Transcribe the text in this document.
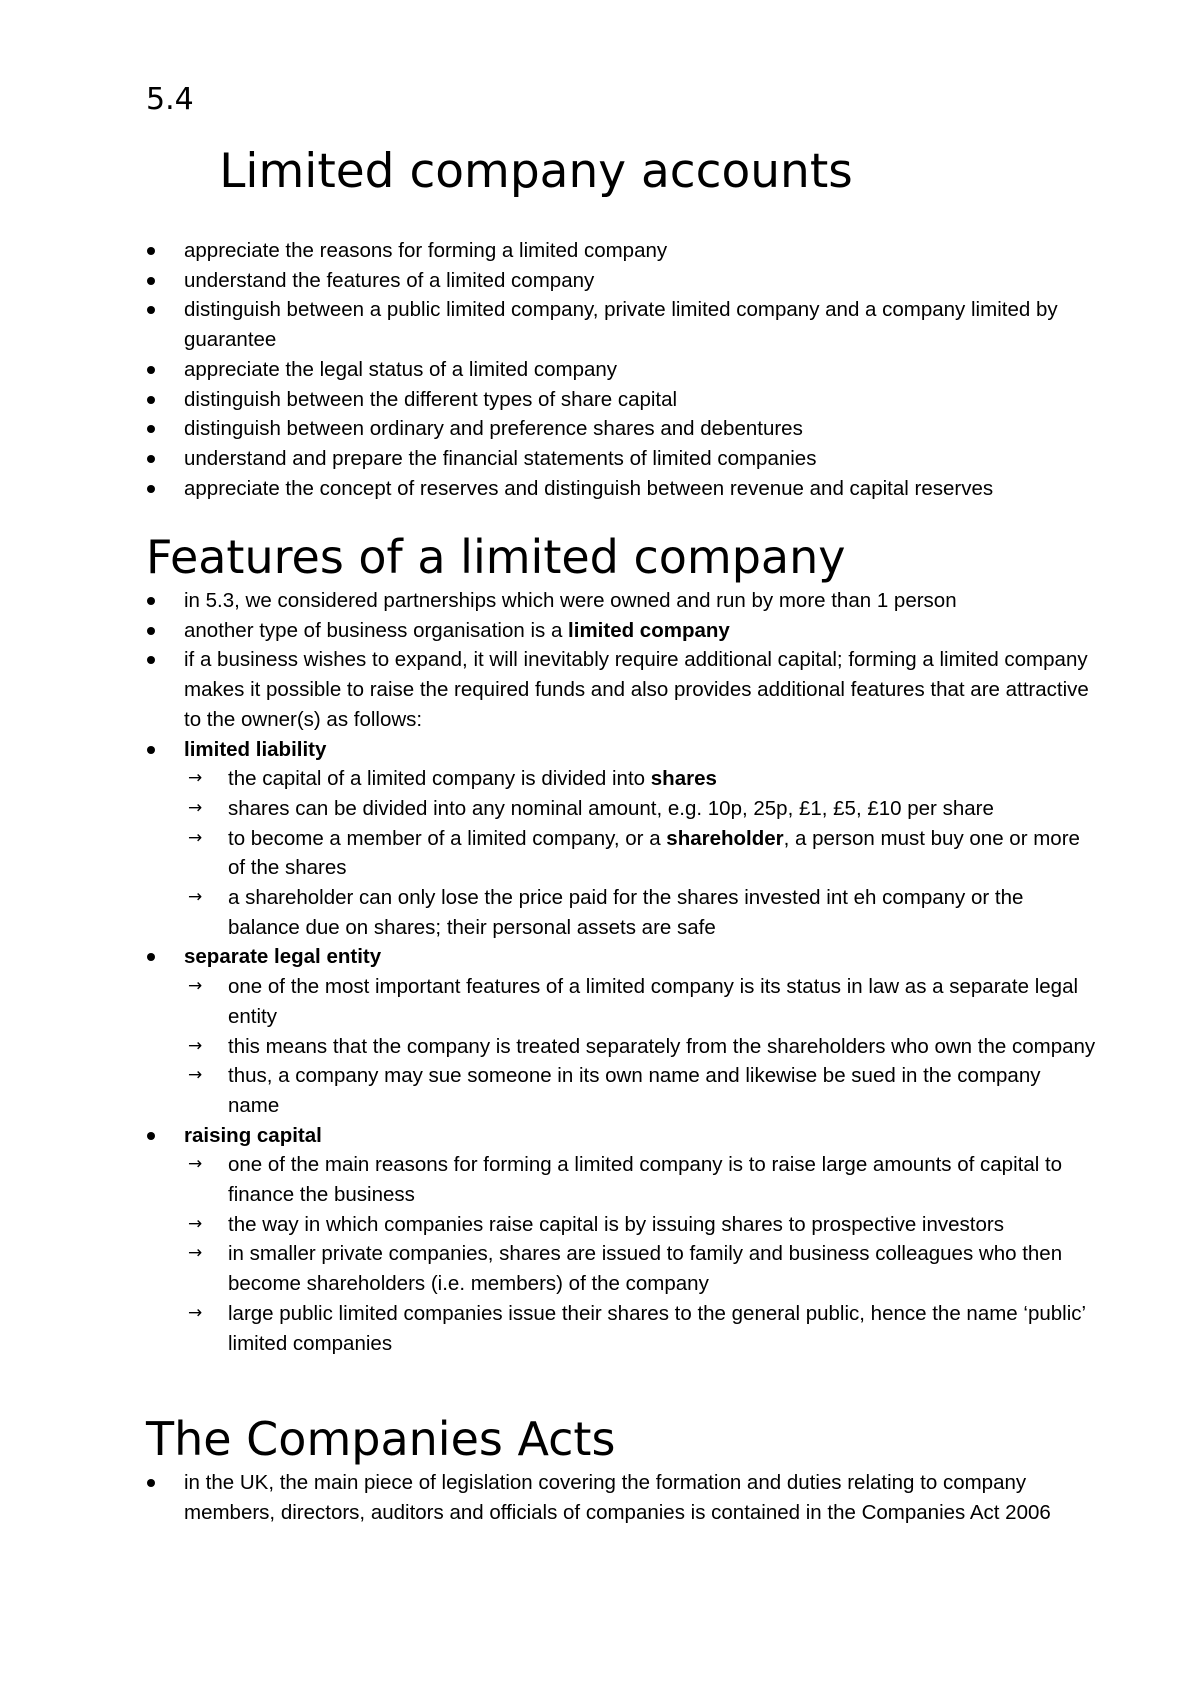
5.4

Limited company accounts
appreciate the reasons for forming a limited company
understand the features of a limited company
distinguish between a public limited company, private limited company and a company limited by guarantee
appreciate the legal status of a limited company
distinguish between the different types of share capital
distinguish between ordinary and preference shares and debentures
understand and prepare the financial statements of limited companies
appreciate the concept of reserves and distinguish between revenue and capital reserves
Features of a limited company
in 5.3, we considered partnerships which were owned and run by more than 1 person
another type of business organisation is a limited company
if a business wishes to expand, it will inevitably require additional capital; forming a limited company makes it possible to raise the required funds and also provides additional features that are attractive to the owner(s) as follows:
limited liability
→ the capital of a limited company is divided into shares
→ shares can be divided into any nominal amount, e.g. 10p, 25p, £1, £5, £10 per share
→ to become a member of a limited company, or a shareholder, a person must buy one or more of the shares
→ a shareholder can only lose the price paid for the shares invested int eh company or the balance due on shares; their personal assets are safe
separate legal entity
→ one of the most important features of a limited company is its status in law as a separate legal entity
→ this means that the company is treated separately from the shareholders who own the company
→ thus, a company may sue someone in its own name and likewise be sued in the company name
raising capital
→ one of the main reasons for forming a limited company is to raise large amounts of capital to finance the business
→ the way in which companies raise capital is by issuing shares to prospective investors
→ in smaller private companies, shares are issued to family and business colleagues who then become shareholders (i.e. members) of the company
→ large public limited companies issue their shares to the general public, hence the name ‘public’ limited companies
The Companies Acts
in the UK, the main piece of legislation covering the formation and duties relating to company members, directors, auditors and officials of companies is contained in the Companies Act 2006
